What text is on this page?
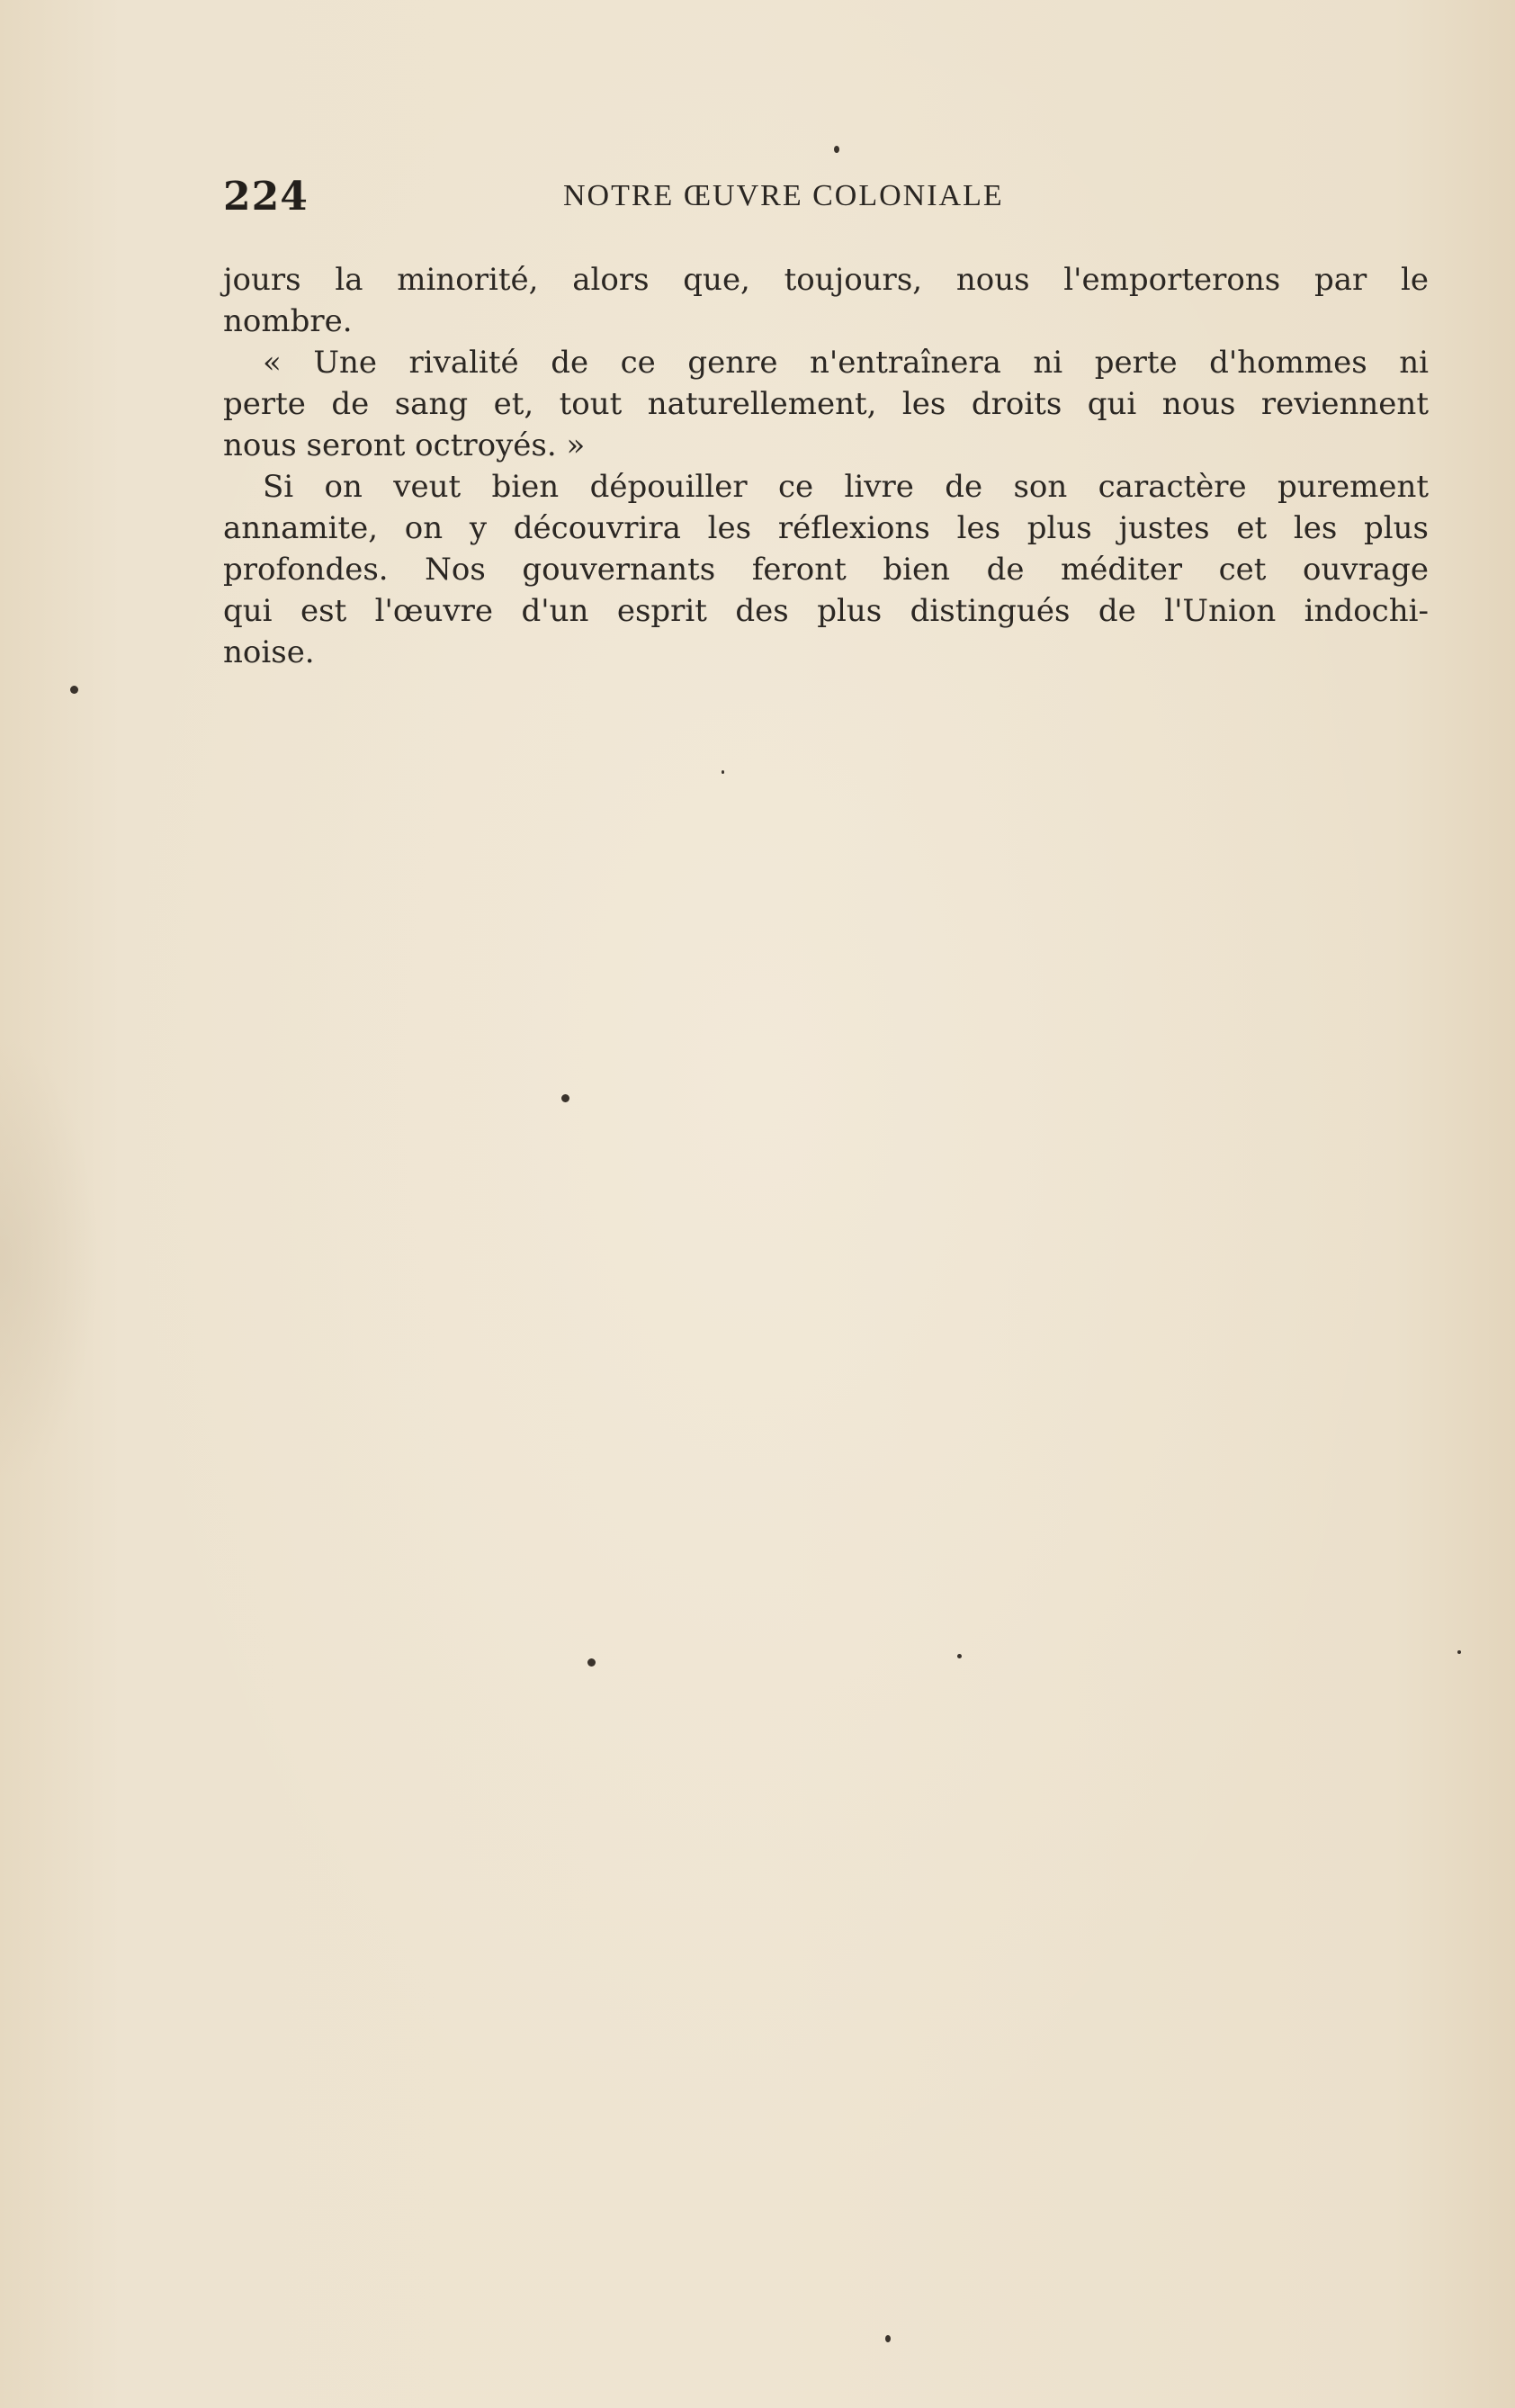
224	NOTRE ŒUVRE COLONIALE
jours la minorité, alors que, toujours, nous l'emporterons par le
nombre.
« Une rivalité de ce genre n'entraînera ni perte d'hommes ni
perte de sang et, tout naturellement, les droits qui nous reviennent
nous seront octroyés. »
Si on veut bien dépouiller ce livre de son caractère purement
annamite, on y découvrira les réflexions les plus justes et les plus
profondes. Nos gouvernants feront bien de méditer cet ouvrage
qui est l'œuvre d'un esprit des plus distingués de l'Union indochi-
noise.
